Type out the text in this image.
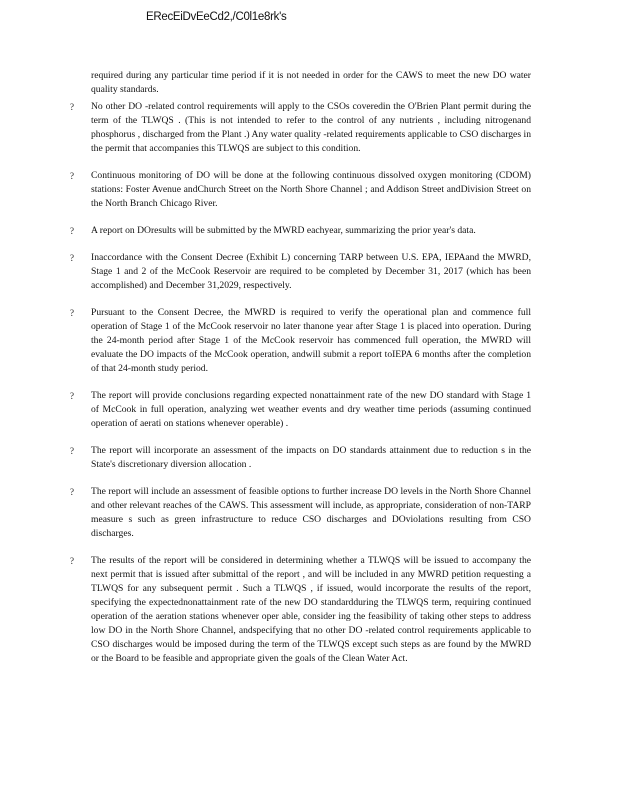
ERecEiDvEeCd2,/C0l1e8rk's

required during any particular time period if it is not needed in order for the CAWS to meet the new DO water quality standards.

?	No other DO -related control requirements will apply to the CSOs coveredin the O'Brien Plant permit during the term of the TLWQS . (This is not intended to refer to the control of any nutrients , including nitrogenand phosphorus , discharged from the Plant .) Any water quality -related requirements applicable to CSO discharges in the permit that accompanies this TLWQS are subject to this condition.
?	Continuous monitoring of DO will be done at the following continuous dissolved oxygen monitoring (CDOM) stations: Foster Avenue andChurch Street on the North Shore Channel ; and Addison Street andDivision Street on the North Branch Chicago River.
?	A report on DOresults will be submitted by the MWRD eachyear, summarizing the prior year's data.
?	Inaccordance with the Consent Decree (Exhibit L) concerning TARP between U.S. EPA, IEPAand the MWRD, Stage 1 and 2 of the McCook Reservoir are required to be completed by December 31, 2017 (which has been accomplished) and December 31,2029, respectively.
?	Pursuant to the Consent Decree, the MWRD is required to verify the operational plan and commence full operation of Stage 1 of the McCook reservoir no later thanone year after Stage 1 is placed into operation. During the 24-month period after Stage 1 of the McCook reservoir has commenced full operation, the MWRD will evaluate the DO impacts of the McCook operation, andwill submit a report toIEPA 6 months after the completion of that 24-month study period.
?	The report will provide conclusions regarding expected nonattainment rate of the new DO standard with Stage 1 of McCook in full operation, analyzing wet weather events and dry weather time periods (assuming continued operation of aerati on stations whenever operable) .
?	The report will incorporate an assessment of the impacts on DO standards attainment due to reduction s in the State's discretionary diversion allocation .
?	The report will include an assessment of feasible options to further increase DO levels in the North Shore Channel and other relevant reaches of the CAWS. This assessment will include, as appropriate, consideration of non-TARP measure s such as green infrastructure to reduce CSO discharges and DOviolations resulting from CSO discharges.
?	The results of the report will be considered in determining whether a TLWQS will be issued to accompany the next permit that is issued after submittal of the report , and will be included in any MWRD petition requesting a TLWQS for any subsequent permit . Such a TLWQS , if issued, would incorporate the results of the report, specifying the expectednonattainment rate of the new DO standardduring the TLWQS term, requiring continued operation of the aeration stations whenever oper able, consider ing the feasibility of taking other steps to address low DO in the North Shore Channel, andspecifying that no other DO -related control requirements applicable to CSO discharges would be imposed during the term of the TLWQS except such steps as are found by the MWRD or the Board to be feasible and appropriate given the goals of the Clean Water Act.
